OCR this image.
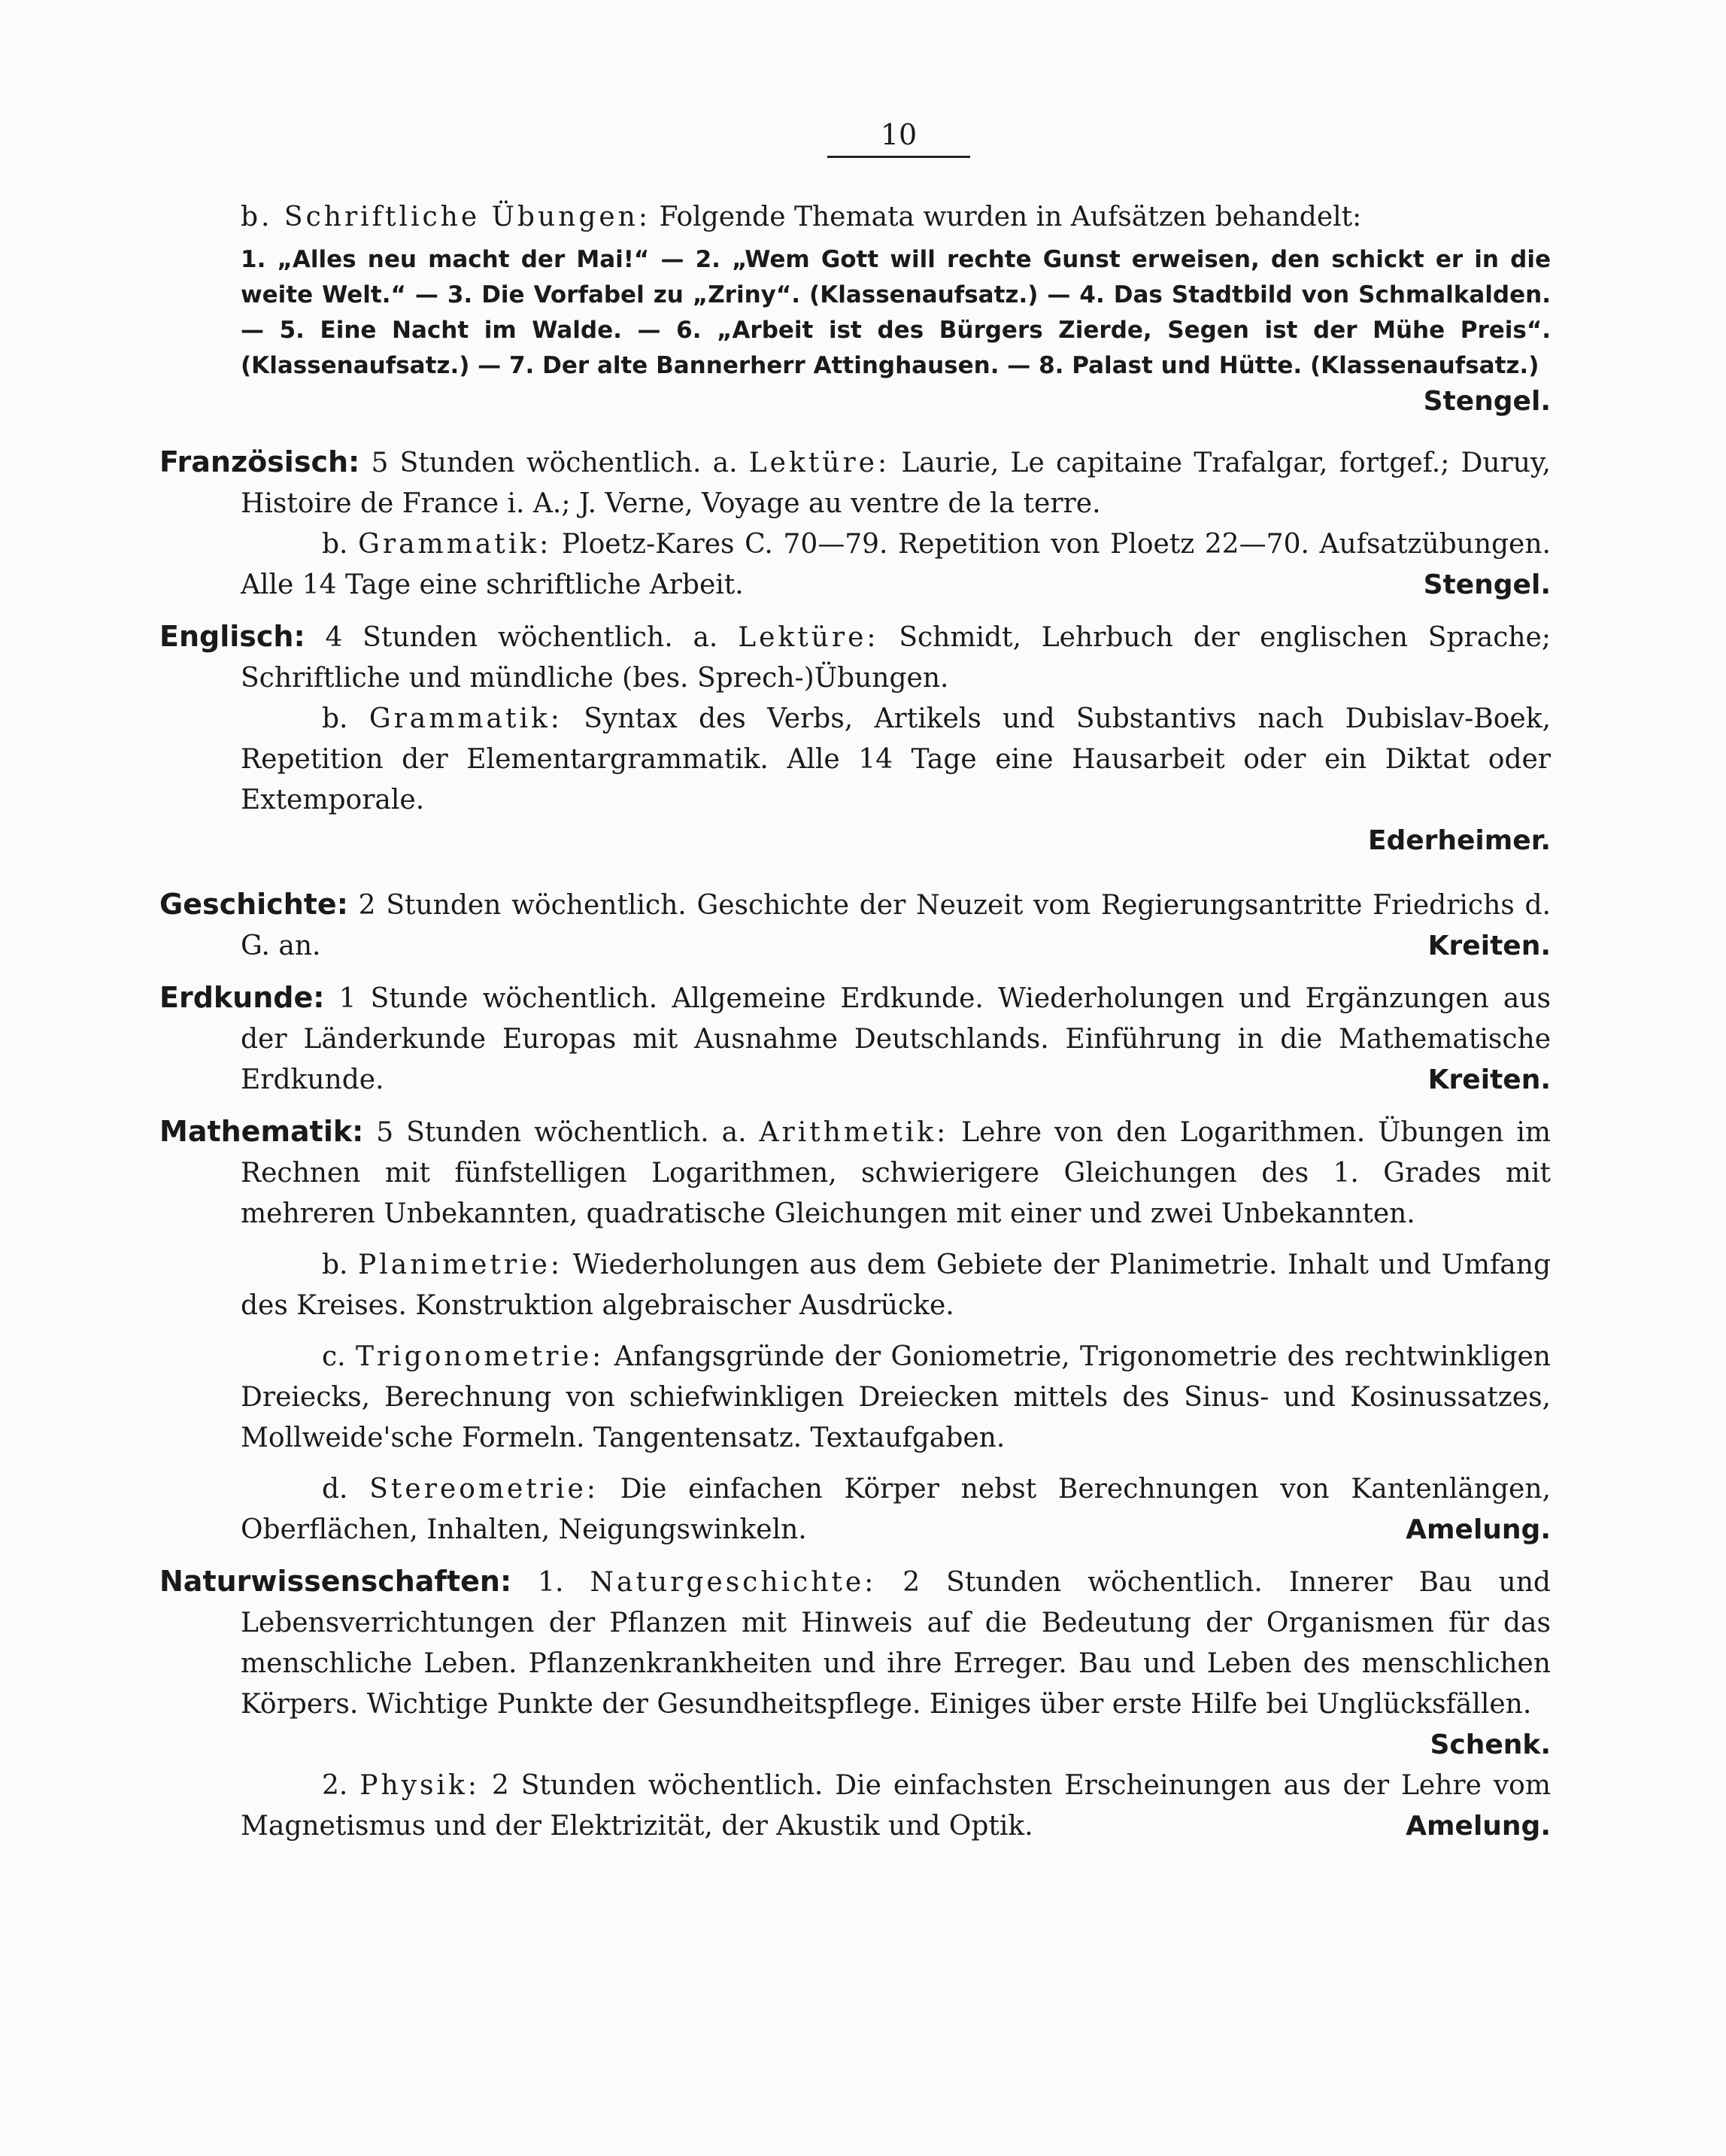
10

b. Schriftliche Übungen: Folgende Themata wurden in Aufsätzen behandelt:

1. „Alles neu macht der Mai!“ — 2. „Wem Gott will rechte Gunst erweisen, den schickt er in die weite Welt.“ — 3. Die Vorfabel zu „Zriny“. (Klassenaufsatz.) — 4. Das Stadtbild von Schmalkalden. — 5. Eine Nacht im Walde. — 6. „Arbeit ist des Bürgers Zierde, Segen ist der Mühe Preis“. (Klassenaufsatz.) — 7. Der alte Bannerherr Attinghausen. — 8. Palast und Hütte. (Klassenaufsatz.)
Stengel.

Französisch: 5 Stunden wöchentlich. a. Lektüre: Laurie, Le capitaine Trafalgar, fortgef.; Duruy, Histoire de France i. A.; J. Verne, Voyage au ventre de la terre.

b. Grammatik: Ploetz-Kares C. 70—79. Repetition von Ploetz 22—70. Aufsatzübungen. Alle 14 Tage eine schriftliche Arbeit.	Stengel.

Englisch: 4 Stunden wöchentlich. a. Lektüre: Schmidt, Lehrbuch der englischen Sprache; Schriftliche und mündliche (bes. Sprech-)Übungen.

b. Grammatik: Syntax des Verbs, Artikels und Substantivs nach Dubislav-Boek, Repetition der Elementargrammatik. Alle 14 Tage eine Hausarbeit oder ein Diktat oder Extemporale.

Ederheimer.

Geschichte: 2 Stunden wöchentlich. Geschichte der Neuzeit vom Regierungsantritte Friedrichs d. G. an.	Kreiten.

Erdkunde: 1 Stunde wöchentlich. Allgemeine Erdkunde. Wiederholungen und Ergänzungen aus der Länderkunde Europas mit Ausnahme Deutschlands. Einführung in die Mathematische Erdkunde.	Kreiten.

Mathematik: 5 Stunden wöchentlich. a. Arithmetik: Lehre von den Logarithmen. Übungen im Rechnen mit fünfstelligen Logarithmen, schwierigere Gleichungen des 1. Grades mit mehreren Unbekannten, quadratische Gleichungen mit einer und zwei Unbekannten.

b. Planimetrie: Wiederholungen aus dem Gebiete der Planimetrie. Inhalt und Umfang des Kreises. Konstruktion algebraischer Ausdrücke.

c. Trigonometrie: Anfangsgründe der Goniometrie, Trigonometrie des rechtwinkligen Dreiecks, Berechnung von schiefwinkligen Dreiecken mittels des Sinus- und Kosinussatzes, Mollweide'sche Formeln. Tangentensatz. Textaufgaben.

d. Stereometrie: Die einfachen Körper nebst Berechnungen von Kantenlängen, Oberflächen, Inhalten, Neigungswinkeln.	Amelung.

Naturwissenschaften: 1. Naturgeschichte: 2 Stunden wöchentlich. Innerer Bau und Lebensverrichtungen der Pflanzen mit Hinweis auf die Bedeutung der Organismen für das menschliche Leben. Pflanzenkrankheiten und ihre Erreger. Bau und Leben des menschlichen Körpers. Wichtige Punkte der Gesundheitspflege. Einiges über erste Hilfe bei Unglücksfällen.

Schenk.

2. Physik: 2 Stunden wöchentlich. Die einfachsten Erscheinungen aus der Lehre vom Magnetismus und der Elektrizität, der Akustik und Optik.	Amelung.
